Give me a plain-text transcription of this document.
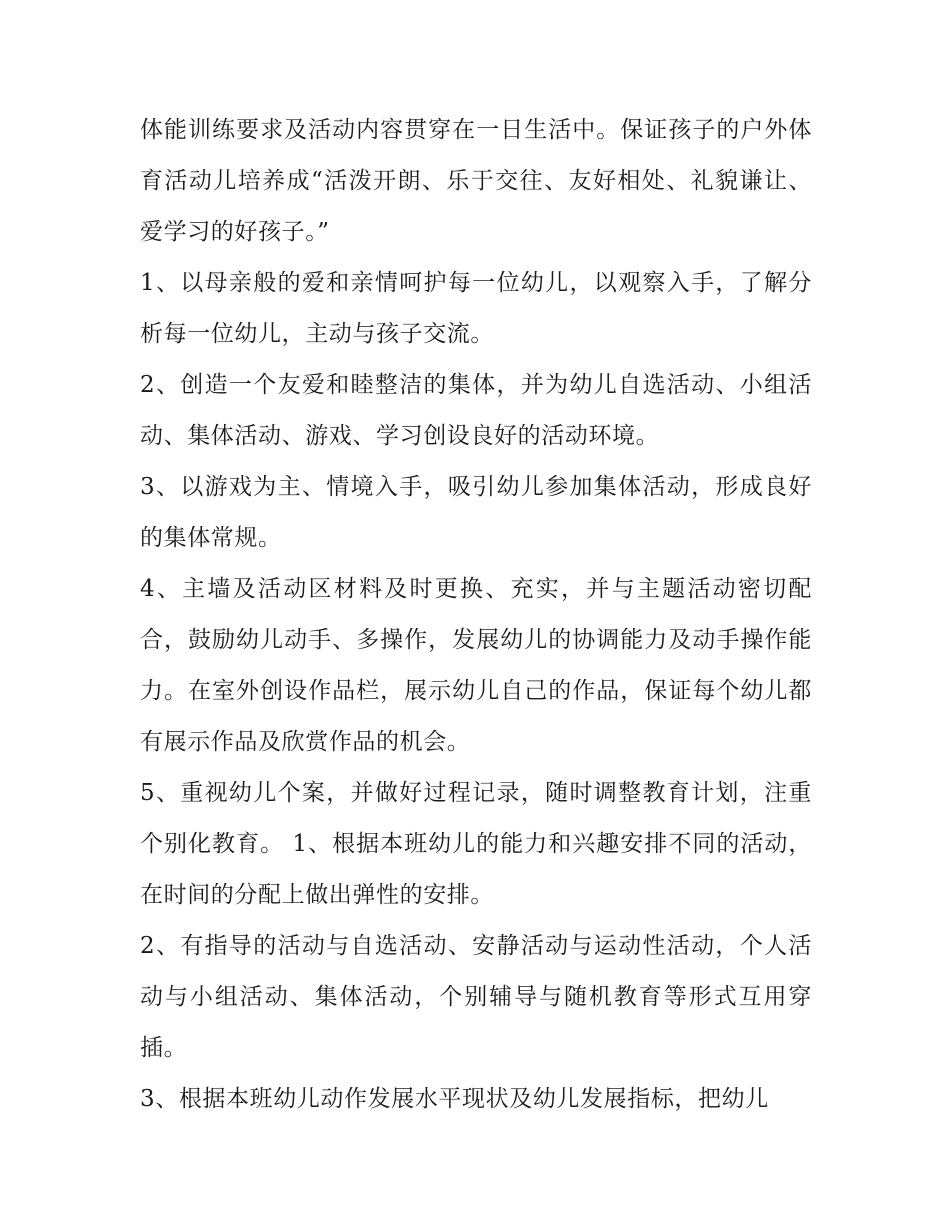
体能训练要求及活动内容贯穿在一日生活中。保证孩子的户外体育活动儿培养成“活泼开朗、乐于交往、友好相处、礼貌谦让、爱学习的好孩子。”

1、以母亲般的爱和亲情呵护每一位幼儿，以观察入手，了解分析每一位幼儿，主动与孩子交流。

2、创造一个友爱和睦整洁的集体，并为幼儿自选活动、小组活动、集体活动、游戏、学习创设良好的活动环境。

3、以游戏为主、情境入手，吸引幼儿参加集体活动，形成良好的集体常规。

4、主墙及活动区材料及时更换、充实，并与主题活动密切配合，鼓励幼儿动手、多操作，发展幼儿的协调能力及动手操作能力。在室外创设作品栏，展示幼儿自己的作品，保证每个幼儿都有展示作品及欣赏作品的机会。

5、重视幼儿个案，并做好过程记录，随时调整教育计划，注重个别化教育。 1、根据本班幼儿的能力和兴趣安排不同的活动，在时间的分配上做出弹性的安排。

2、有指导的活动与自选活动、安静活动与运动性活动，个人活动与小组活动、集体活动，个别辅导与随机教育等形式互用穿插。

3、根据本班幼儿动作发展水平现状及幼儿发展指标，把幼儿
